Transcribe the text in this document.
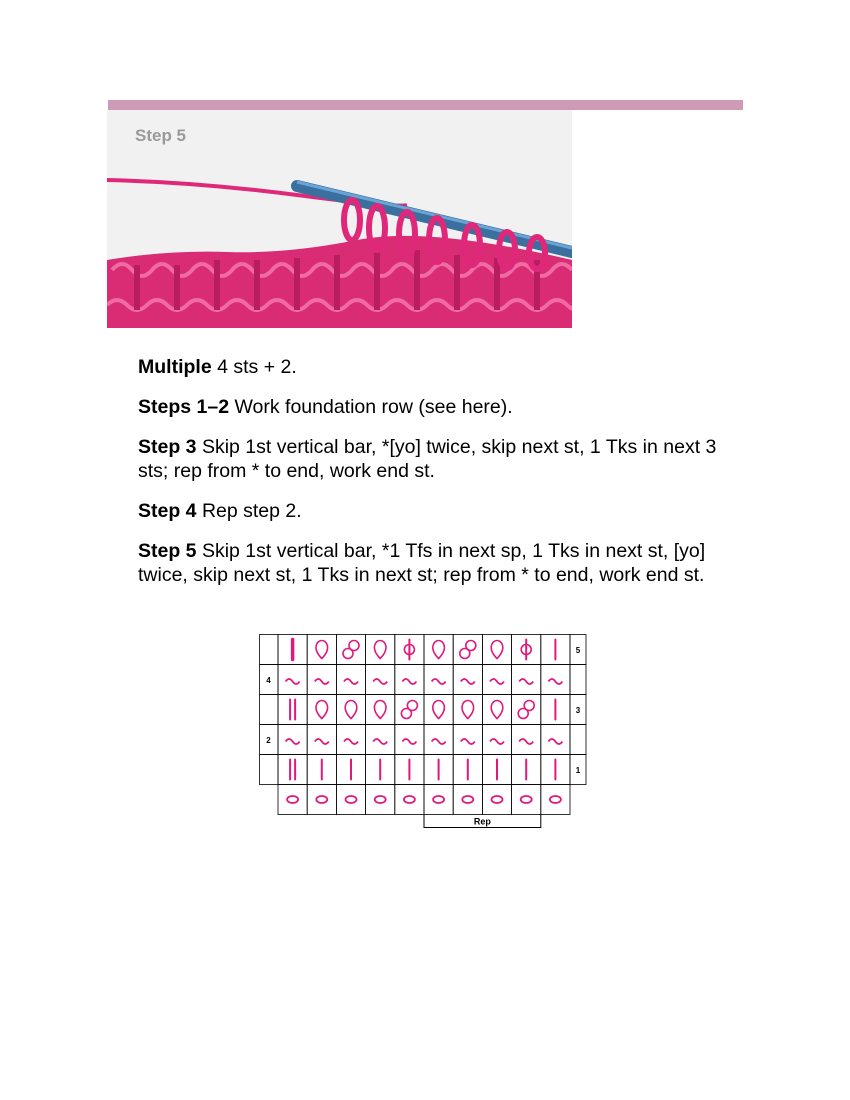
Step 5
Multiple 4 sts + 2.
Steps 1–2 Work foundation row (see here).
Step 3 Skip 1st vertical bar, *[yo] twice, skip next st, 1 Tks in next 3 sts; rep from * to end, work end st.
Step 4 Rep step 2.
Step 5 Skip 1st vertical bar, *1 Tfs in next sp, 1 Tks in next st, [yo] twice, skip next st, 1 Tks in next st; rep from * to end, work end st.
5
4
3
2
1
Rep
